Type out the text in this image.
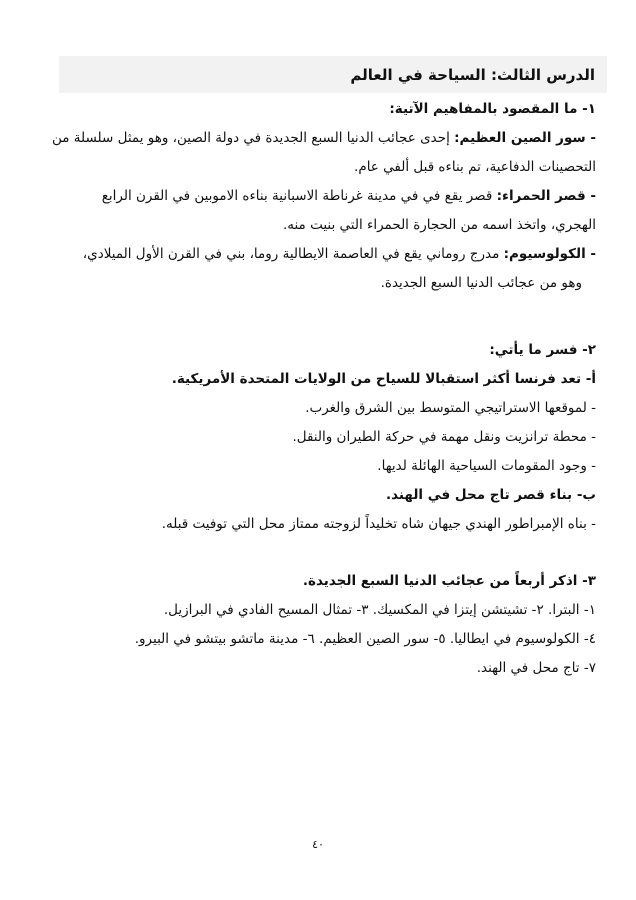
الدرس الثالث: السياحة في العالم
١- ما المقصود بالمفاهيم الآتية:
- سور الصين العظيم: إحدى عجائب الدنيا السبع الجديدة في دولة الصين، وهو يمثل سلسلة من
التحصينات الدفاعية، تم بناءه قبل ألفي عام.
- قصر الحمراء: قصر يقع في في مدينة غرناطة الاسبانية بناءه الاموبين في القرن الرابع
الهجري، واتخذ اسمه من الحجارة الحمراء التي بنيت منه.
- الكولوسيوم: مدرج روماني يقع في العاصمة الايطالية روما، بني في القرن الأول الميلادي،
وهو من عجائب الدنيا السبع الجديدة.
٢- فسر ما يأتي:
أ- تعد فرنسا أكثر استقبالا للسياح من الولايات المتحدة الأمريكية.
- لموقعها الاستراتيجي المتوسط بين الشرق والغرب.
- محطة ترانزيت ونقل مهمة في حركة الطيران والنقل.
- وجود المقومات السياحية الهائلة لديها.
ب- بناء قصر تاج محل في الهند.
- بناه الإمبراطور الهندي جيهان شاه تخليداً لزوجته ممتاز محل التي توفيت قبله.
٣- اذكر أربعاً من عجائب الدنيا السبع الجديدة.
١- البترا. ٢- تشيتشن إيتزا في المكسيك. ٣- تمثال المسيح الفادي في البرازيل.
٤- الكولوسيوم في ايطاليا. ٥- سور الصين العظيم. ٦- مدينة ماتشو بيتشو في البيرو.
٧- تاج محل في الهند.
٤٠
